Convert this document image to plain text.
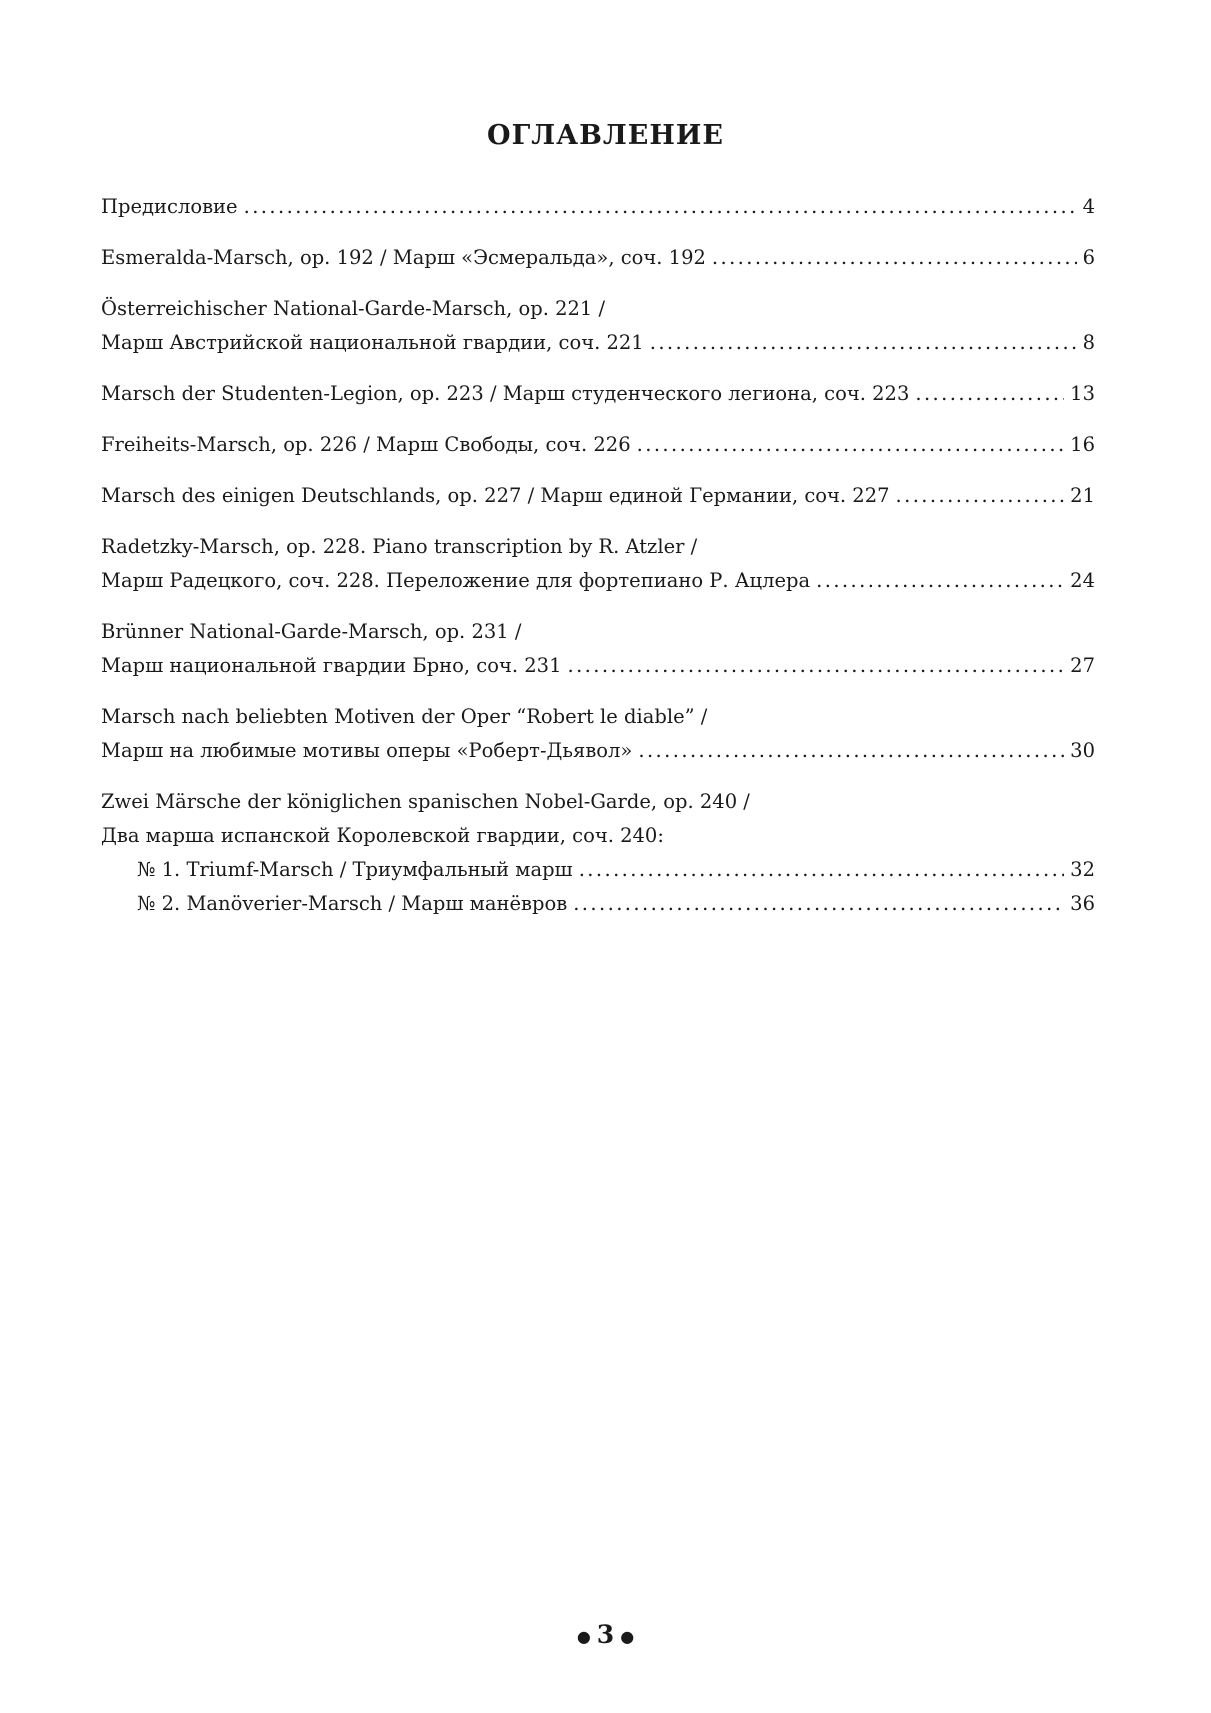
ОГЛАВЛЕНИЕ
Предисловие .....	4
Esmeralda-Marsch, op. 192 / Марш «Эсмеральда», соч. 192 .....	6
Österreichischer National-Garde-Marsch, op. 221 /
Марш Австрийской национальной гвардии, соч. 221 .....	8
Marsch der Studenten-Legion, op. 223 / Марш студенческого легиона, соч. 223 .....	13
Freiheits-Marsch, op. 226 / Марш Свободы, соч. 226 .....	16
Marsch des einigen Deutschlands, op. 227 / Марш единой Германии, соч. 227 .....	21
Radetzky-Marsch, op. 228. Piano transcription by R. Atzler /
Марш Радецкого, соч. 228. Переложение для фортепиано Р. Ацлера .....	24
Brünner National-Garde-Marsch, op. 231 /
Марш национальной гвардии Брно, соч. 231 .....	27
Marsch nach beliebten Motiven der Oper “Robert le diable” /
Марш на любимые мотивы оперы «Роберт-Дьявол» .....	30
Zwei Märsche der königlichen spanischen Nobel-Garde, op. 240 /
Два марша испанской Королевской гвардии, соч. 240:
№ 1. Triumf-Marsch / Триумфальный марш .....	32
№ 2. Manöverier-Marsch / Марш манёвров .....	36
● 3 ●
